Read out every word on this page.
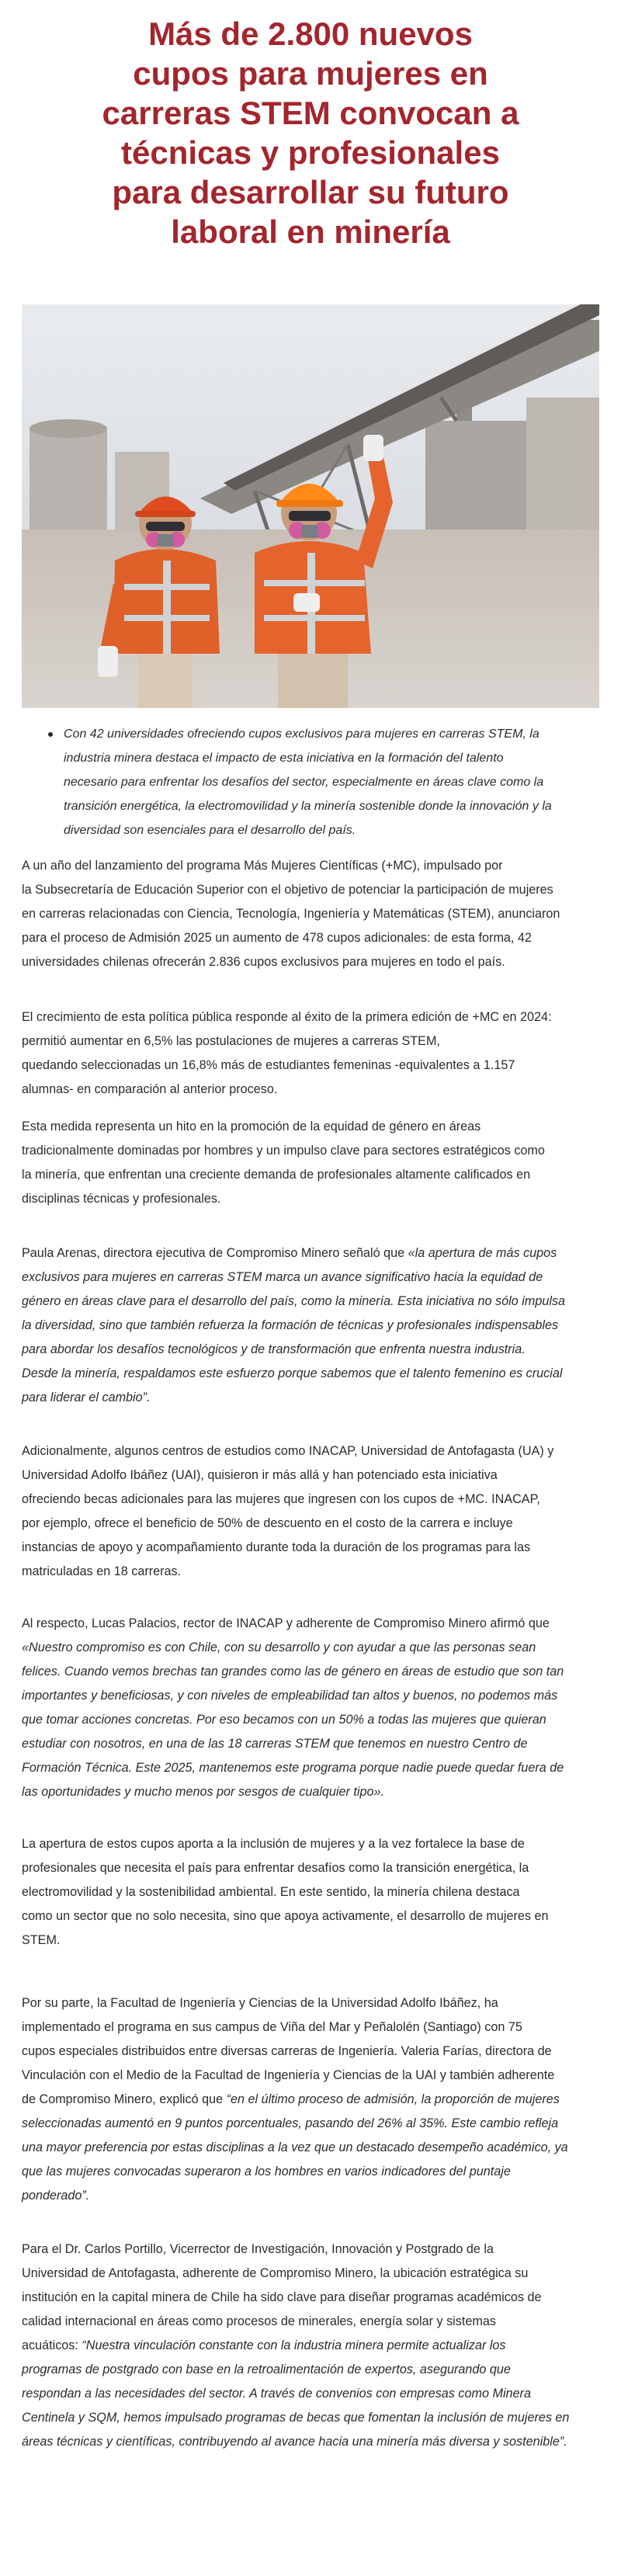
Más de 2.800 nuevos
cupos para mujeres en
carreras STEM convocan a
técnicas y profesionales
para desarrollar su futuro
laboral en minería
Con 42 universidades ofreciendo cupos exclusivos para mujeres en carreras STEM, la
industria minera destaca el impacto de esta iniciativa en la formación del talento
necesario para enfrentar los desafíos del sector, especialmente en áreas clave como la
transición energética, la electromovilidad y la minería sostenible donde la innovación y la
diversidad son esenciales para el desarrollo del país.

A un año del lanzamiento del programa Más Mujeres Científicas (+MC), impulsado por
la Subsecretaría de Educación Superior con el objetivo de potenciar la participación de mujeres
en carreras relacionadas con Ciencia, Tecnología, Ingeniería y Matemáticas (STEM), anunciaron
para el proceso de Admisión 2025 un aumento de 478 cupos adicionales: de esta forma, 42
universidades chilenas ofrecerán 2.836 cupos exclusivos para mujeres en todo el país.

El crecimiento de esta política pública responde al éxito de la primera edición de +MC en 2024:
permitió aumentar en 6,5% las postulaciones de mujeres a carreras STEM,
quedando seleccionadas un 16,8% más de estudiantes femeninas -equivalentes a 1.157
alumnas- en comparación al anterior proceso.

Esta medida representa un hito en la promoción de la equidad de género en áreas
tradicionalmente dominadas por hombres y un impulso clave para sectores estratégicos como
la minería, que enfrentan una creciente demanda de profesionales altamente calificados en
disciplinas técnicas y profesionales.

Paula Arenas, directora ejecutiva de Compromiso Minero señaló que «la apertura de más cupos
exclusivos para mujeres en carreras STEM marca un avance significativo hacia la equidad de
género en áreas clave para el desarrollo del país, como la minería. Esta iniciativa no sólo impulsa
la diversidad, sino que también refuerza la formación de técnicas y profesionales indispensables
para abordar los desafíos tecnológicos y de transformación que enfrenta nuestra industria.
Desde la minería, respaldamos este esfuerzo porque sabemos que el talento femenino es crucial
para liderar el cambio”.

Adicionalmente, algunos centros de estudios como INACAP, Universidad de Antofagasta (UA) y
Universidad Adolfo Ibáñez (UAI), quisieron ir más allá y han potenciado esta iniciativa
ofreciendo becas adicionales para las mujeres que ingresen con los cupos de +MC. INACAP,
por ejemplo, ofrece el beneficio de 50% de descuento en el costo de la carrera e incluye
instancias de apoyo y acompañamiento durante toda la duración de los programas para las
matriculadas en 18 carreras.

Al respecto, Lucas Palacios, rector de INACAP y adherente de Compromiso Minero afirmó que
«Nuestro compromiso es con Chile, con su desarrollo y con ayudar a que las personas sean
felices. Cuando vemos brechas tan grandes como las de género en áreas de estudio que son tan
importantes y beneficiosas, y con niveles de empleabilidad tan altos y buenos, no podemos más
que tomar acciones concretas. Por eso becamos con un 50% a todas las mujeres que quieran
estudiar con nosotros, en una de las 18 carreras STEM que tenemos en nuestro Centro de
Formación Técnica. Este 2025, mantenemos este programa porque nadie puede quedar fuera de
las oportunidades y mucho menos por sesgos de cualquier tipo».

La apertura de estos cupos aporta a la inclusión de mujeres y a la vez fortalece la base de
profesionales que necesita el país para enfrentar desafíos como la transición energética, la
electromovilidad y la sostenibilidad ambiental. En este sentido, la minería chilena destaca
como un sector que no solo necesita, sino que apoya activamente, el desarrollo de mujeres en
STEM.

Por su parte, la Facultad de Ingeniería y Ciencias de la Universidad Adolfo Ibáñez, ha
implementado el programa en sus campus de Viña del Mar y Peñalolén (Santiago) con 75
cupos especiales distribuidos entre diversas carreras de Ingeniería. Valeria Farías, directora de
Vinculación con el Medio de la Facultad de Ingeniería y Ciencias de la UAI y también adherente
de Compromiso Minero, explicó que “en el último proceso de admisión, la proporción de mujeres
seleccionadas aumentó en 9 puntos porcentuales, pasando del 26% al 35%. Este cambio refleja
una mayor preferencia por estas disciplinas a la vez que un destacado desempeño académico, ya
que las mujeres convocadas superaron a los hombres en varios indicadores del puntaje
ponderado”.

Para el Dr. Carlos Portillo, Vicerrector de Investigación, Innovación y Postgrado de la
Universidad de Antofagasta, adherente de Compromiso Minero, la ubicación estratégica su
institución en la capital minera de Chile ha sido clave para diseñar programas académicos de
calidad internacional en áreas como procesos de minerales, energía solar y sistemas
acuáticos: “Nuestra vinculación constante con la industria minera permite actualizar los
programas de postgrado con base en la retroalimentación de expertos, asegurando que
respondan a las necesidades del sector. A través de convenios con empresas como Minera
Centinela y SQM, hemos impulsado programas de becas que fomentan la inclusión de mujeres en
áreas técnicas y científicas, contribuyendo al avance hacia una minería más diversa y sostenible”.
